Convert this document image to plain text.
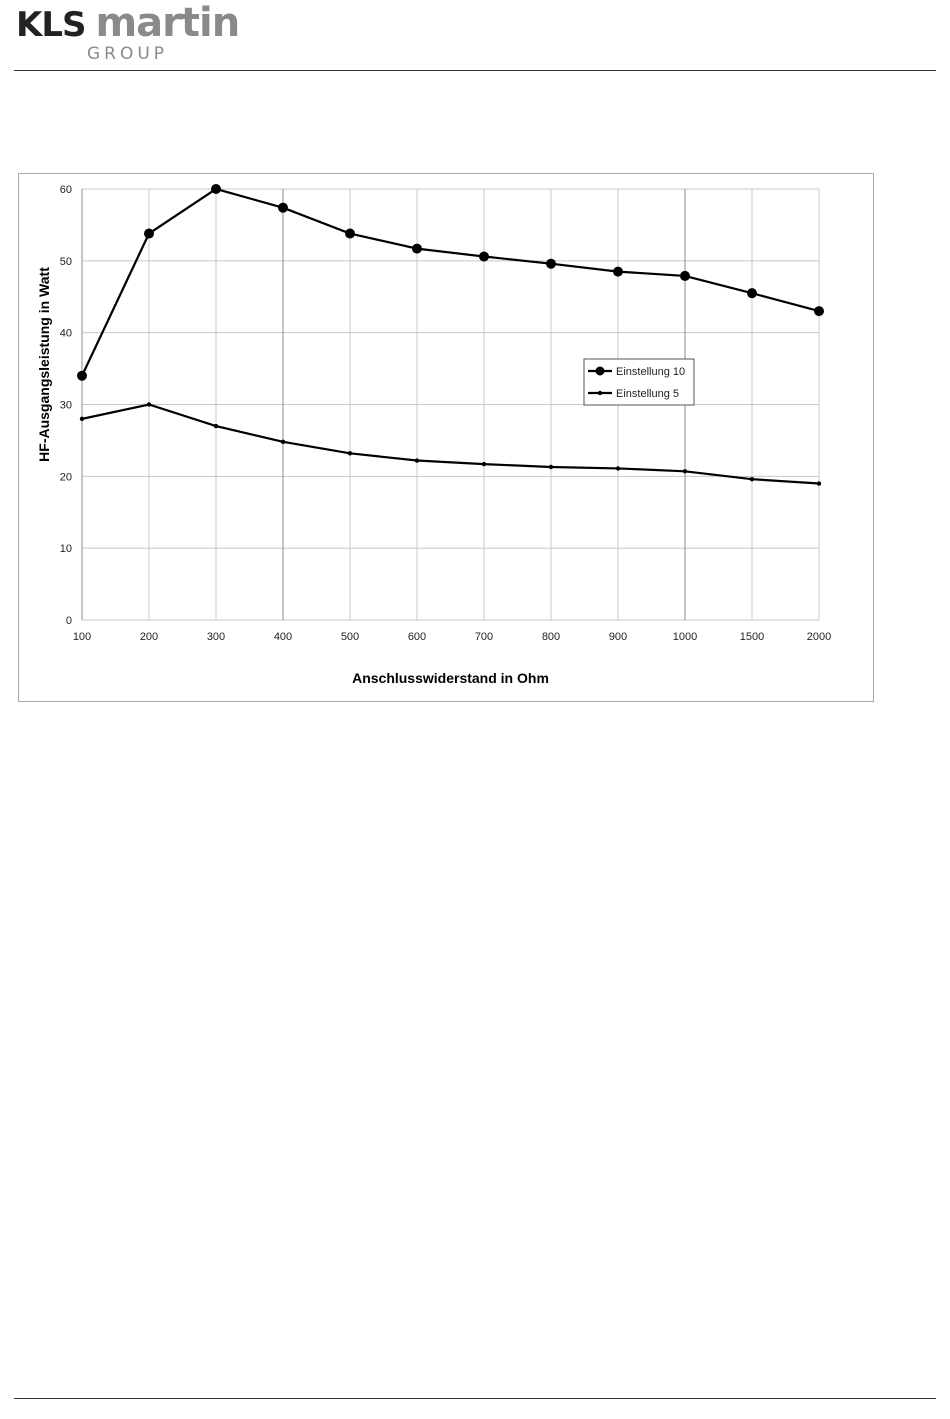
KLS martin
GROUP
0
10
20
30
40
50
60
100	200	300	400	500	600	700	800	900	1000	1500	2000
Anschlusswiderstand in Ohm
HF-Ausgangsleistung in Watt	Einstellung 10
Einstellung 5
